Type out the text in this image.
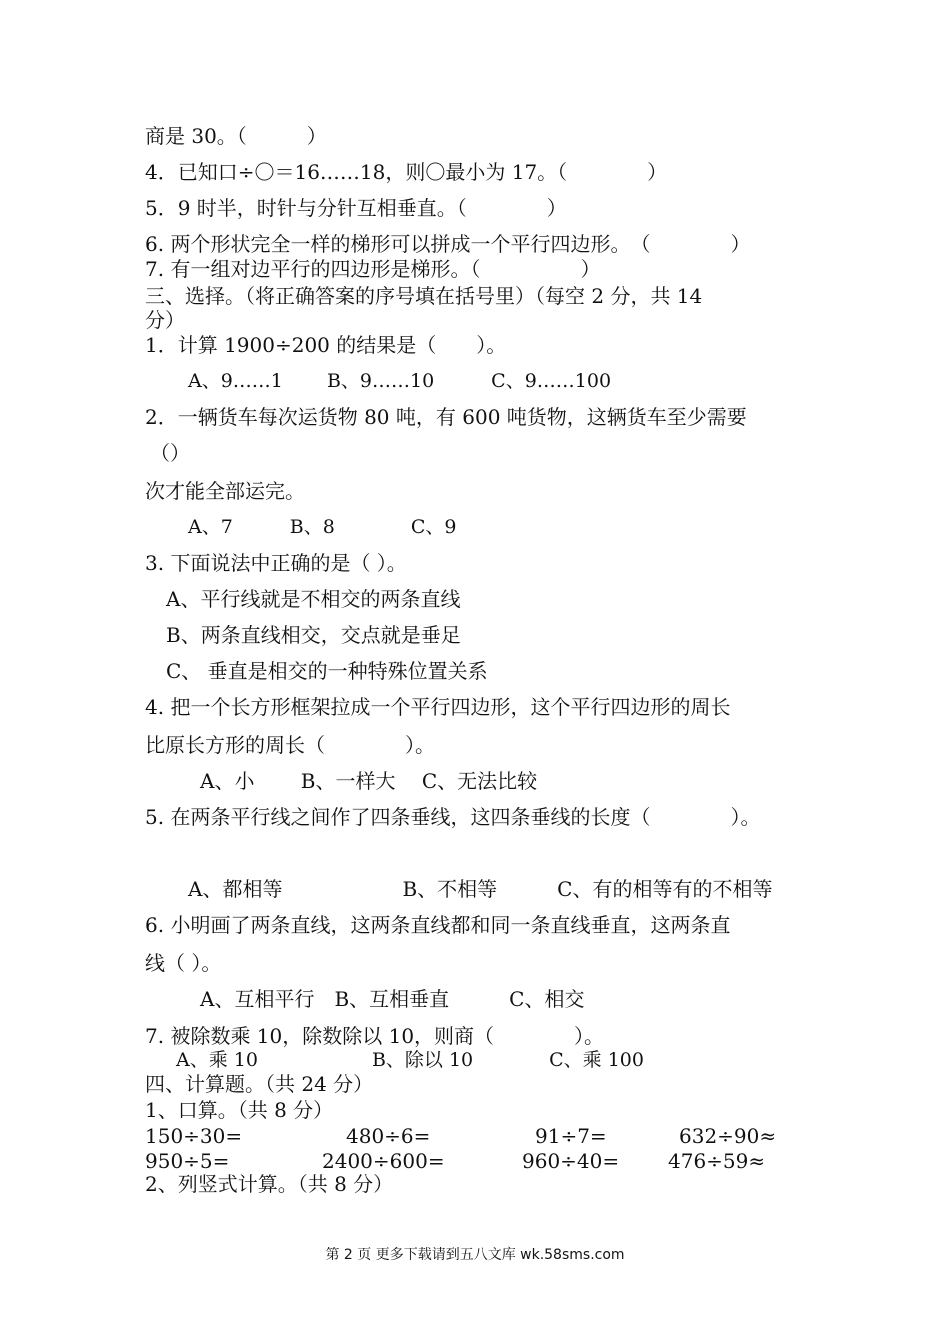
商是 30。（　　　）
4．已知口÷〇＝16……18，则〇最小为 17。（　　　　）
5．9 时半，时针与分针互相垂直。（　　　　）
6. 两个形状完全一样的梯形可以拼成一个平行四边形。　（　　　　）
7. 有一组对边平行的四边形是梯形。（　　　　　）
三、选择。（将正确答案的序号填在括号里）（每空 2 分，共 14
分）
1．计算 1900÷200 的结果是（　　）。
A、9……1　　 B、9……10　　　C、9……100
2．一辆货车每次运货物 80 吨，有 600 吨货物，这辆货车至少需要
（）
次才能全部运完。
A、7　　　B、8　　　　C、9
3. 下面说法中正确的是（ ）。
A、平行线就是不相交的两条直线
B、两条直线相交，交点就是垂足
C、 垂直是相交的一种特殊位置关系
4. 把一个长方形框架拉成一个平行四边形，这个平行四边形的周长
比原长方形的周长（　　　　）。
A、小　　 B、一样大　 C、无法比较
5. 在两条平行线之间作了四条垂线，这四条垂线的长度（　　　　）。
A、都相等　　　　　　B、不相等　　　C、有的相等有的不相等
6. 小明画了两条直线，这两条直线都和同一条直线垂直，这两条直
线（ ）。
A、互相平行　B、互相垂直　　　C、相交
7. 被除数乘 10，除数除以 10，则商（　　　　）。
A、乘 10　　　　　　B、除以 10　　　　C、乘 100
四、计算题。（共 24 分）
1、口算。（共 8 分）
150÷30=	480÷6=	91÷7=	632÷90≈
950÷5=	2400÷600=	960÷40= 476÷59≈
2、列竖式计算。（共 8 分）
第 2 页 更多下载请到五八文库 wk.58sms.com
